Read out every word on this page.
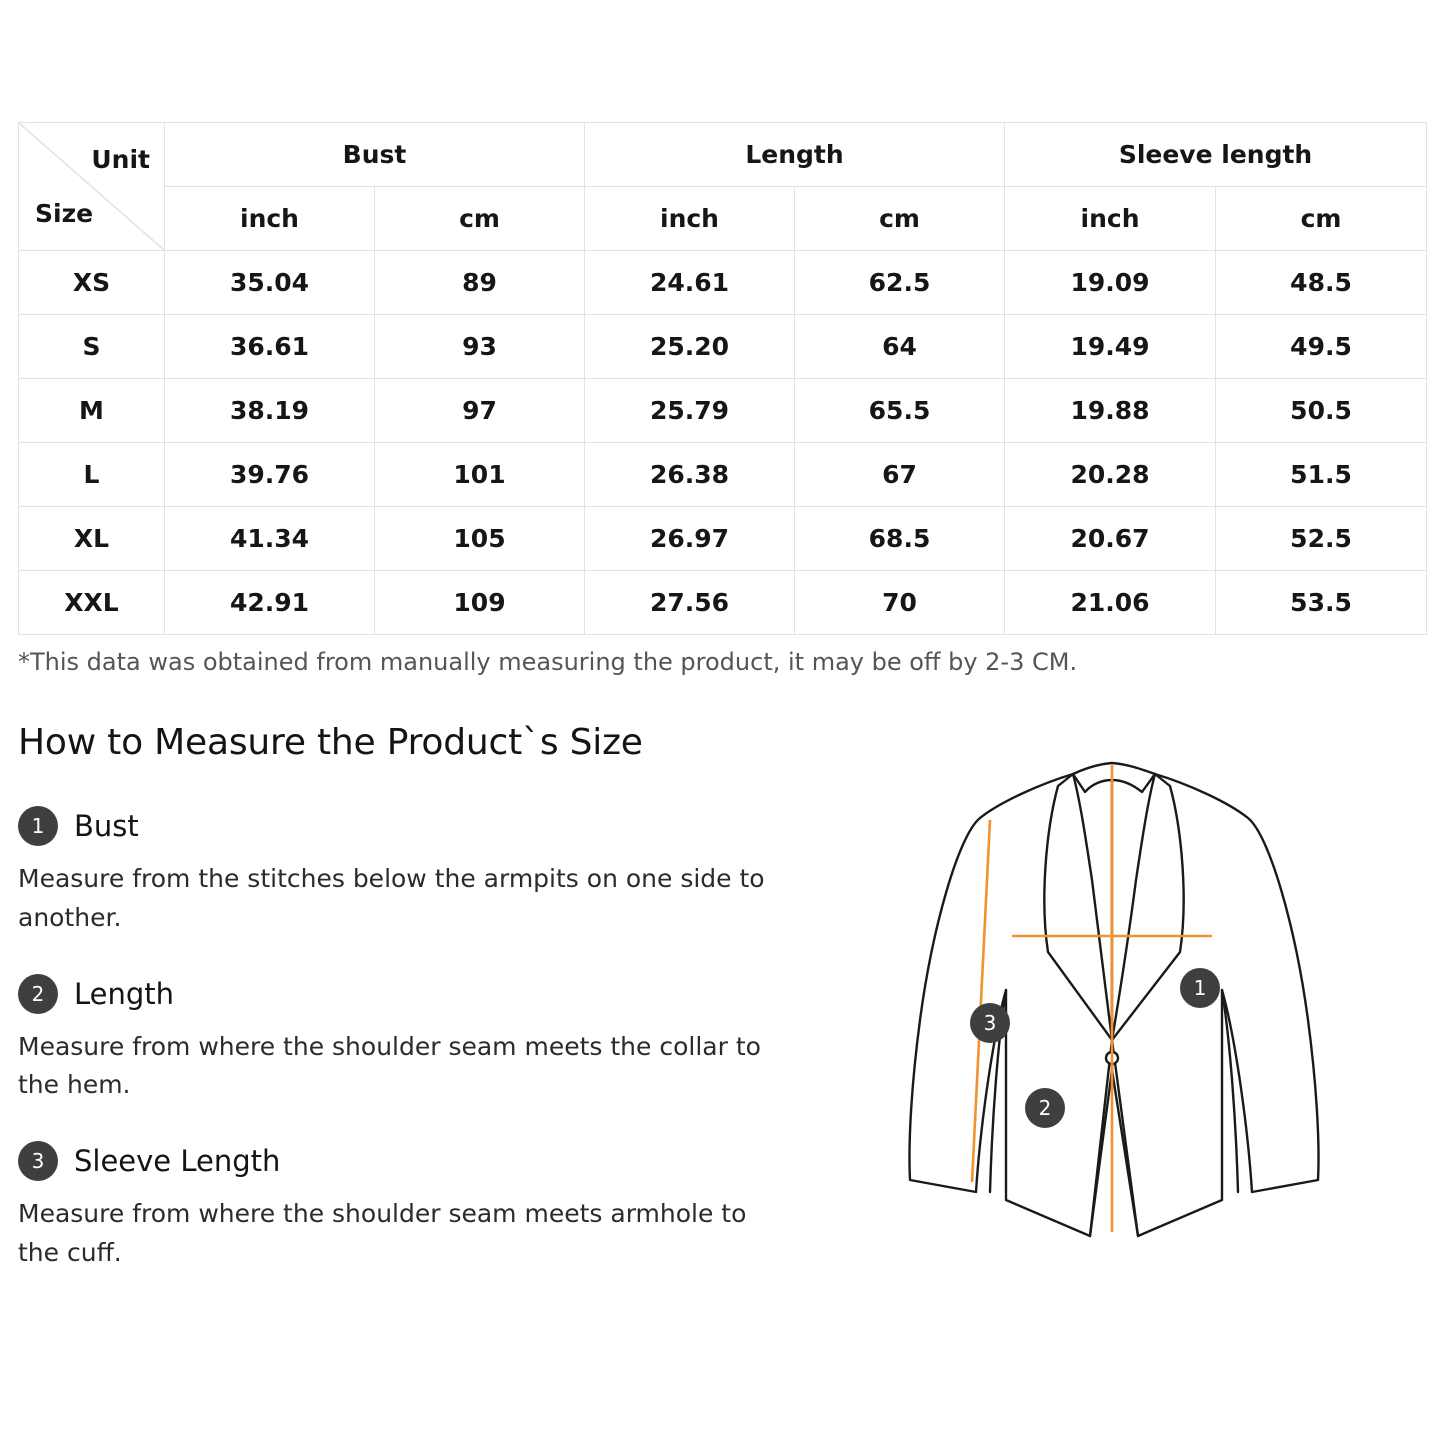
Unit
Size	Bust		Length		Sleeve length	
	inch	cm	inch	cm	inch	cm
XS	35.04	89	24.61	62.5	19.09	48.5
S	36.61	93	25.20	64	19.49	49.5
M	38.19	97	25.79	65.5	19.88	50.5
L	39.76	101	26.38	67	20.28	51.5
XL	41.34	105	26.97	68.5	20.67	52.5
XXL	42.91	109	27.56	70	21.06	53.5
*This data was obtained from manually measuring the product, it may be off by 2-3 CM.
How to Measure the Product`s Size
1	Bust
Measure from the stitches below the armpits on one side to another.
2	Length
Measure from where the shoulder seam meets the collar to the hem.
3	Sleeve Length
Measure from where the shoulder seam meets armhole to the cuff.
1
2
3
